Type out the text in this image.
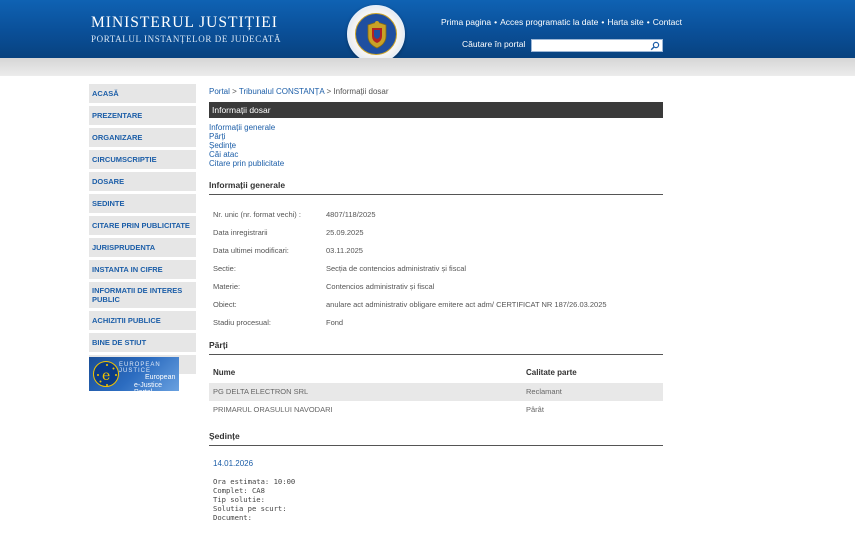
MINISTERUL JUSTIȚIEI
PORTALUL INSTANȚELOR DE JUDECATĂ
Prima pagina • Acces programatic la date • Harta site • Contact
Căutare în portal
ACASĂ
PREZENTARE
ORGANIZARE
CIRCUMSCRIPTIE
DOSARE
SEDINTE
CITARE PRIN PUBLICITATE
JURISPRUDENTA
INSTANTA IN CIFRE
INFORMATII DE INTERES PUBLIC
ACHIZITII PUBLICE
BINE DE STIUT
e
EUROPEAN JUSTICE
European
e-Justice Portal
Portal > Tribunalul CONSTANȚA > Informații dosar
Informații dosar
Informații generale
Părți
Ședințe
Căi atac
Citare prin publicitate
Informații generale
Nr. unic (nr. format vechi) :	4807/118/2025
Data inregistrarii	25.09.2025
Data ultimei modificari:	03.11.2025
Sectie:	Secția de contencios administrativ și fiscal
Materie:	Contencios administrativ și fiscal
Obiect:	anulare act administrativ obligare emitere act adm/ CERTIFICAT NR 187/26.03.2025
Stadiu procesual:	Fond
Părți
Nume	Calitate parte
PG DELTA ELECTRON SRL	Reclamant
PRIMARUL ORASULUI NAVODARI	Pârât
Ședințe
14.01.2026
Ora estimata: 10:00
Complet: CA8
Tip solutie:
Solutia pe scurt:
Document:
